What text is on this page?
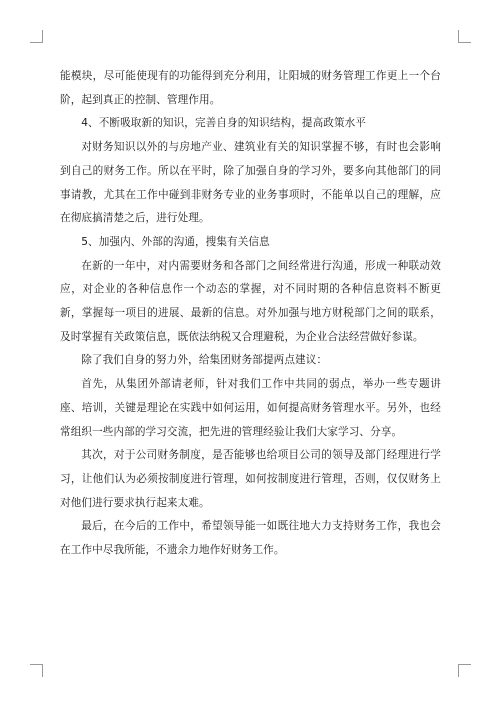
能模块，尽可能使现有的功能得到充分利用，让阳城的财务管理工作更上一个台阶，起到真正的控制、管理作用。

4、不断吸取新的知识，完善自身的知识结构，提高政策水平

对财务知识以外的与房地产业、建筑业有关的知识掌握不够，有时也会影响到自己的财务工作。所以在平时，除了加强自身的学习外，要多向其他部门的同事请教，尤其在工作中碰到非财务专业的业务事项时，不能单以自己的理解，应在彻底搞清楚之后，进行处理。

5、加强内、外部的沟通，搜集有关信息

在新的一年中，对内需要财务和各部门之间经常进行沟通，形成一种联动效应，对企业的各种信息作一个动态的掌握，对不同时期的各种信息资料不断更新，掌握每一项目的进展、最新的信息。对外加强与地方财税部门之间的联系，及时掌握有关政策信息，既依法纳税又合理避税，为企业合法经营做好参谋。

除了我们自身的努力外，给集团财务部提两点建议：

首先，从集团外部请老师，针对我们工作中共同的弱点，举办一些专题讲座、培训，关键是理论在实践中如何运用，如何提高财务管理水平。另外，也经常组织一些内部的学习交流，把先进的管理经验让我们大家学习、分享。

其次，对于公司财务制度，是否能够也给项目公司的领导及部门经理进行学习，让他们认为必须按制度进行管理，如何按制度进行管理，否则，仅仅财务上对他们进行要求执行起来太难。

最后，在今后的工作中，希望领导能一如既往地大力支持财务工作，我也会在工作中尽我所能，不遗余力地作好财务工作。
